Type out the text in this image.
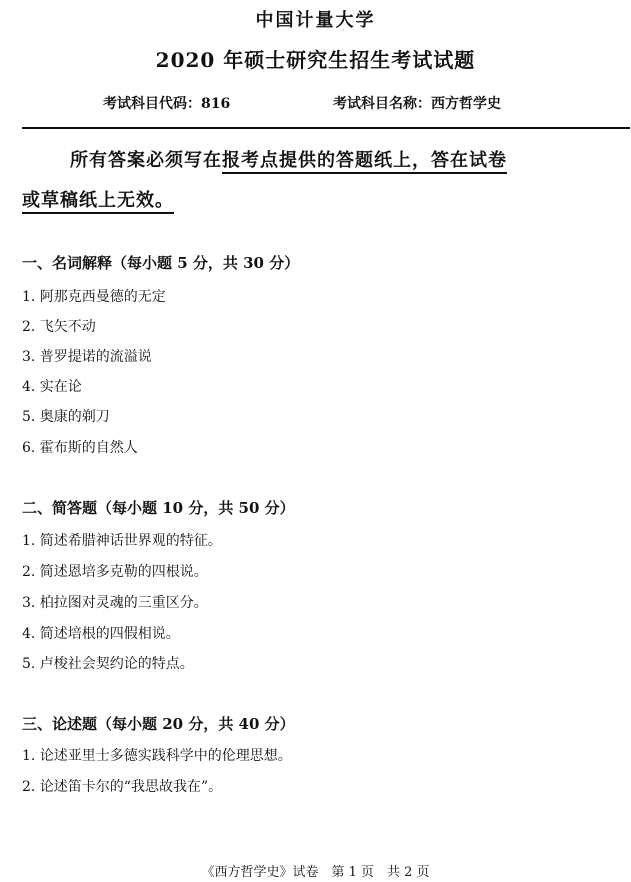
中国计量大学
2020 年硕士研究生招生考试试题
考试科目代码：816	考试科目名称：西方哲学史
所有答案必须写在报考点提供的答题纸上，答在试卷
或草稿纸上无效。
一、名词解释（每小题 5 分，共 30 分）
1. 阿那克西曼德的无定
2. 飞矢不动
3. 普罗提诺的流溢说
4. 实在论
5. 奥康的剃刀
6. 霍布斯的自然人
二、简答题（每小题 10 分，共 50 分）
1. 简述希腊神话世界观的特征。
2. 简述恩培多克勒的四根说。
3. 柏拉图对灵魂的三重区分。
4. 简述培根的四假相说。
5. 卢梭社会契约论的特点。
三、论述题（每小题 20 分，共 40 分）
1. 论述亚里士多德实践科学中的伦理思想。
2. 论述笛卡尔的“我思故我在”。
《西方哲学史》试卷　第 1 页　共 2 页
